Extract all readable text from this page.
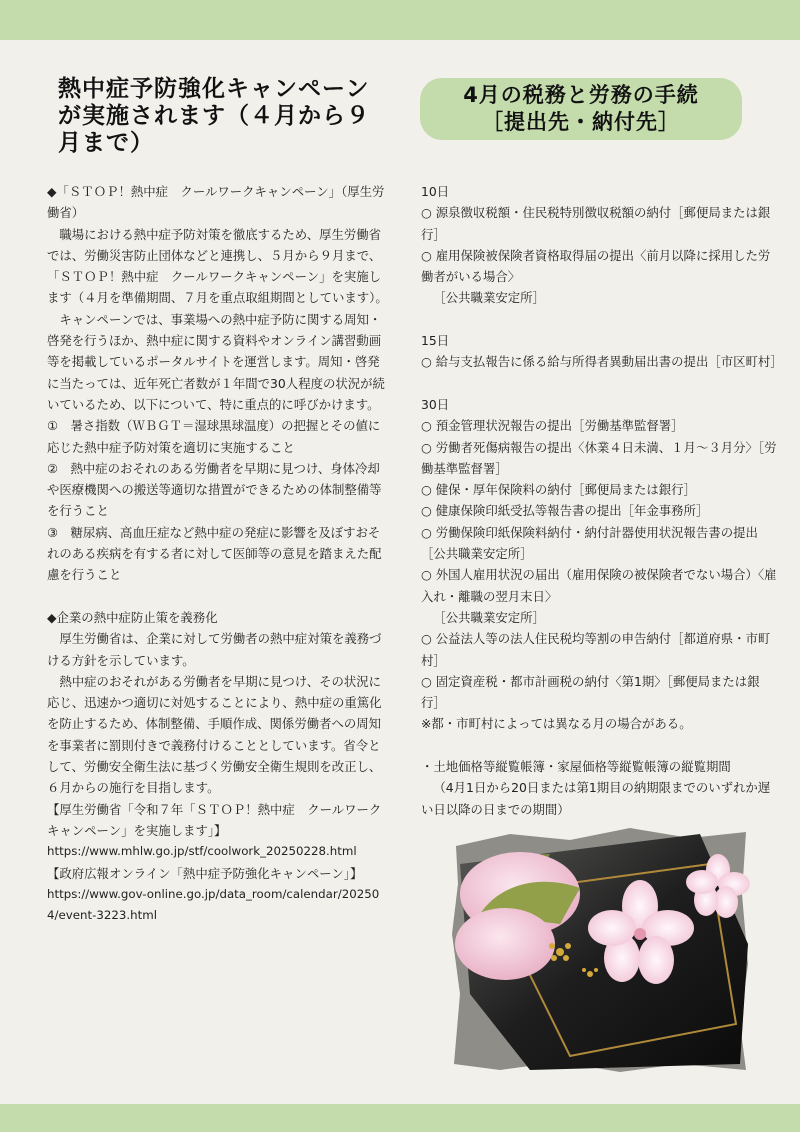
熱中症予防強化キャンペーン
が実施されます（４月から９
月まで）
4月の税務と労務の手続
［提出先・納付先］

◆「ＳＴＯＰ！熱中症　クールワークキャンペーン」（厚生労働省）

職場における熱中症予防対策を徹底するため、厚生労働省では、労働災害防止団体などと連携し、５月から９月まで、「ＳＴＯＰ！熱中症　クールワークキャンペーン」を実施します（４月を準備期間、７月を重点取組期間としています）。

キャンペーンでは、事業場への熱中症予防に関する周知・啓発を行うほか、熱中症に関する資料やオンライン講習動画等を掲載しているポータルサイトを運営します。周知・啓発に当たっては、近年死亡者数が１年間で30人程度の状況が続いているため、以下について、特に重点的に呼びかけます。

①　暑さ指数（ＷＢＧＴ＝湿球黒球温度）の把握とその値に応じた熱中症予防対策を適切に実施すること

②　熱中症のおそれのある労働者を早期に見つけ、身体冷却や医療機関への搬送等適切な措置ができるための体制整備等を行うこと

③　糖尿病、高血圧症など熱中症の発症に影響を及ぼすおそれのある疾病を有する者に対して医師等の意見を踏まえた配慮を行うこと

◆企業の熱中症防止策を義務化

厚生労働省は、企業に対して労働者の熱中症対策を義務づける方針を示しています。

熱中症のおそれがある労働者を早期に見つけ、その状況に応じ、迅速かつ適切に対処することにより、熱中症の重篤化を防止するため、体制整備、手順作成、関係労働者への周知を事業者に罰則付きで義務付けることとしています。省令として、労働安全衛生法に基づく労働安全衛生規則を改正し、６月からの施行を目指します。

【厚生労働省「令和７年「ＳＴＯＰ！熱中症　クールワークキャンペーン」を実施します」】

https://www.mhlw.go.jp/stf/coolwork_20250228.html

【政府広報オンライン「熱中症予防強化キャンペーン」】

https://www.gov-online.go.jp/data_room/calendar/202504/event-3223.html

10日

○ 源泉徴収税額・住民税特別徴収税額の納付［郵便局または銀行］

○ 雇用保険被保険者資格取得届の提出〈前月以降に採用した労働者がいる場合〉

［公共職業安定所］

15日

○ 給与支払報告に係る給与所得者異動届出書の提出［市区町村］

30日

○ 預金管理状況報告の提出［労働基準監督署］

○ 労働者死傷病報告の提出〈休業４日未満、１月～３月分〉［労働基準監督署］

○ 健保・厚年保険料の納付［郵便局または銀行］

○ 健康保険印紙受払等報告書の提出［年金事務所］

○ 労働保険印紙保険料納付・納付計器使用状況報告書の提出［公共職業安定所］

○ 外国人雇用状況の届出（雇用保険の被保険者でない場合）〈雇入れ・離職の翌月末日〉

［公共職業安定所］

○ 公益法人等の法人住民税均等割の申告納付［都道府県・市町村］

○ 固定資産税・都市計画税の納付〈第1期〉［郵便局または銀行］

※都・市町村によっては異なる月の場合がある。

・土地価格等縦覧帳簿・家屋価格等縦覧帳簿の縦覧期間

（4月1日から20日または第1期目の納期限までのいずれか遅い日以降の日までの期間）
